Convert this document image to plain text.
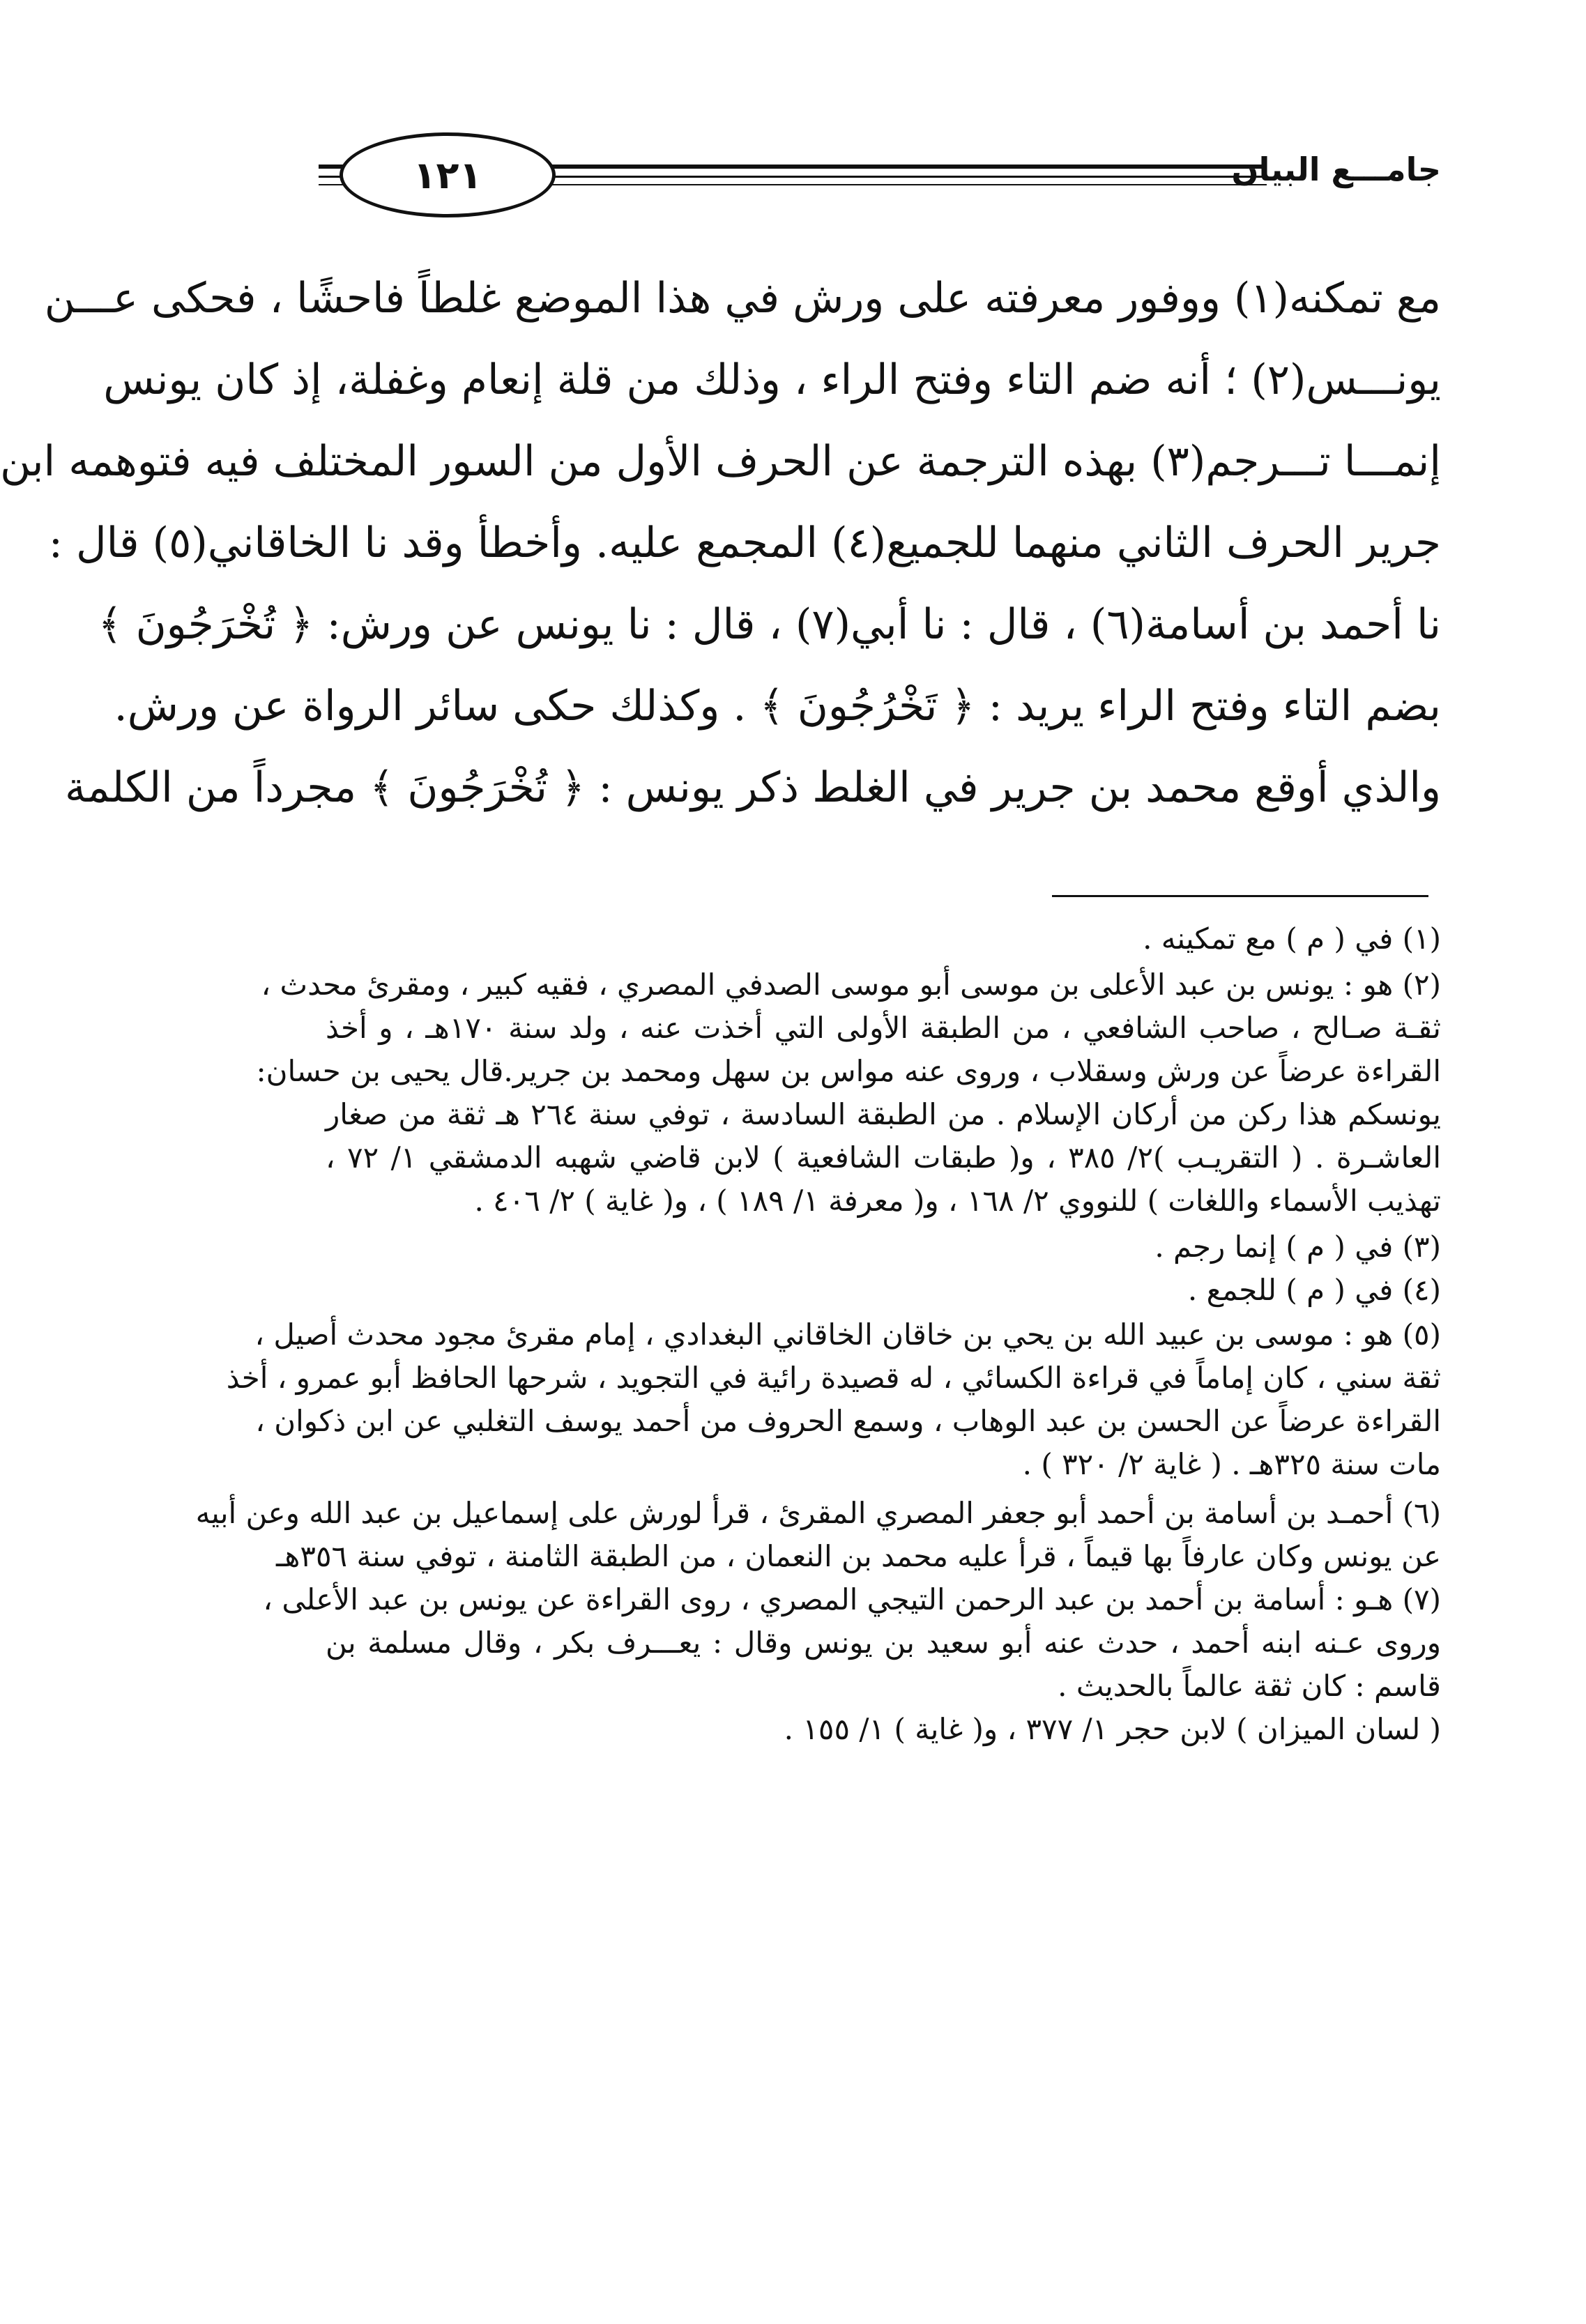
١٢١	جامـــع البيان
مع تمكنه(١) ووفور معرفته على ورش في هذا الموضع غلطاً فاحشًا ، فحكى عـــن
يونـــس(٢) ؛ أنه ضم التاء وفتح الراء ، وذلك من قلة إنعام وغفلة، إذ كان يونس
إنمـــا تـــرجم(٣) بهذه الترجمة عن الحرف الأول من السور المختلف فيه فتوهمه ابن
جرير الحرف الثاني منهما للجميع(٤) المجمع عليه. وأخطأ وقد نا الخاقاني(٥) قال :
نا أحمد بن أسامة(٦) ، قال : نا أبي(٧) ، قال : نا يونس عن ورش: ﴿ تُخْرَجُونَ ﴾
بضم التاء وفتح الراء يريد : ﴿ تَخْرُجُونَ ﴾ . وكذلك حكى سائر الرواة عن ورش.
والذي أوقع محمد بن جرير في الغلط ذكر يونس : ﴿ تُخْرَجُونَ ﴾ مجرداً من الكلمة
(١) في ( م ) مع تمكينه .
(٢) هو : يونس بن عبد الأعلى بن موسى أبو موسى الصدفي المصري ، فقيه كبير ، ومقرئ محدث ،
ثقـة صـالح ، صاحب الشافعي ، من الطبقة الأولى التي أخذت عنه ، ولد سنة ١٧٠هـ ، و أخذ
القراءة عرضاً عن ورش وسقلاب ، وروى عنه مواس بن سهل ومحمد بن جرير.قال يحيى بن حسان:
يونسكم هذا ركن من أركان الإسلام . من الطبقة السادسة ، توفي سنة ٢٦٤ هـ ثقة من صغار
العاشـرة . ( التقريـب )٢/ ٣٨٥ ، و( طبقات الشافعية ) لابن قاضي شهبه الدمشقي ١/ ٧٢ ،
تهذيب الأسماء واللغات ) للنووي ٢/ ١٦٨ ، و( معرفة ١/ ١٨٩ ) ، و( غاية ) ٢/ ٤٠٦ .
(٣) في ( م ) إنما رجم .
(٤) في ( م ) للجمع .
(٥) هو : موسى بن عبيد الله بن يحي بن خاقان الخاقاني البغدادي ، إمام مقرئ مجود محدث أصيل ،
ثقة سني ، كان إماماً في قراءة الكسائي ، له قصيدة رائية في التجويد ، شرحها الحافظ أبو عمرو ، أخذ
القراءة عرضاً عن الحسن بن عبد الوهاب ، وسمع الحروف من أحمد يوسف التغلبي عن ابن ذكوان ،
مات سنة ٣٢٥هـ . ( غاية ٢/ ٣٢٠ ) .
(٦) أحمـد بن أسامة بن أحمد أبو جعفر المصري المقرئ ، قرأ لورش على إسماعيل بن عبد الله وعن أبيه
عن يونس وكان عارفاً بها قيماً ، قرأ عليه محمد بن النعمان ، من الطبقة الثامنة ، توفي سنة ٣٥٦هـ
(٧) هـو : أسامة بن أحمد بن عبد الرحمن التيجي المصري ، روى القراءة عن يونس بن عبد الأعلى ،
وروى عـنه ابنه أحمد ، حدث عنه أبو سعيد بن يونس وقال : يعـــرف بكر ، وقال مسلمة بن
قاسم : كان ثقة عالماً بالحديث .
( لسان الميزان ) لابن حجر ١/ ٣٧٧ ، و( غاية ) ١/ ١٥٥ .
